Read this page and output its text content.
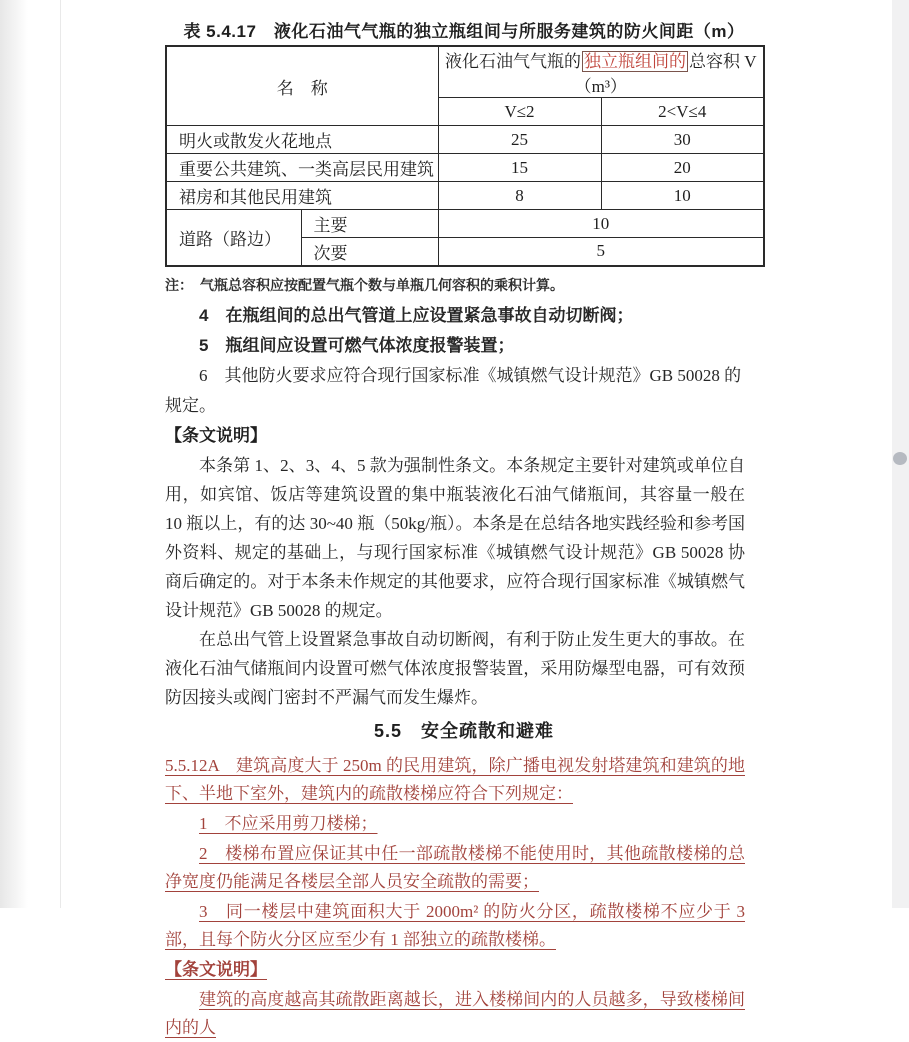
表 5.4.17　液化石油气气瓶的独立瓶组间与所服务建筑的防火间距（m）
名　称		液化石油气气瓶的 独立瓶组间的 总容积 V（m³）	
		V≤2	2<V≤4
明火或散发火花地点		25	30
重要公共建筑、一类高层民用建筑		15	20
裙房和其他民用建筑		8	10
道路（路边）	主要	10	
	次要	5	
注：　气瓶总容积应按配置气瓶个数与单瓶几何容积的乘积计算。
4　在瓶组间的总出气管道上应设置紧急事故自动切断阀；
5　瓶组间应设置可燃气体浓度报警装置；
6　其他防火要求应符合现行国家标准《城镇燃气设计规范》GB 50028 的规定。
【条文说明】
本条第 1、2、3、4、5 款为强制性条文。本条规定主要针对建筑或单位自用，如宾馆、饭店等建筑设置的集中瓶装液化石油气储瓶间，其容量一般在 10 瓶以上，有的达 30~40 瓶（50kg/瓶）。本条是在总结各地实践经验和参考国外资料、规定的基础上，与现行国家标准《城镇燃气设计规范》GB 50028 协商后确定的。对于本条未作规定的其他要求，应符合现行国家标准《城镇燃气设计规范》GB 50028 的规定。
在总出气管上设置紧急事故自动切断阀，有利于防止发生更大的事故。在液化石油气储瓶间内设置可燃气体浓度报警装置，采用防爆型电器，可有效预防因接头或阀门密封不严漏气而发生爆炸。
5.5　安全疏散和避难
5.5.12A　建筑高度大于 250m 的民用建筑，除广播电视发射塔建筑和建筑的地下、半地下室外，建筑内的疏散楼梯应符合下列规定：
1　不应采用剪刀楼梯；
2　楼梯布置应保证其中任一部疏散楼梯不能使用时，其他疏散楼梯的总净宽度仍能满足各楼层全部人员安全疏散的需要；
3　同一楼层中建筑面积大于 2000m² 的防火分区，疏散楼梯不应少于 3 部，且每个防火分区应至少有 1 部独立的疏散楼梯。
【条文说明】
建筑的高度越高其疏散距离越长，进入楼梯间内的人员越多，导致楼梯间内的人
